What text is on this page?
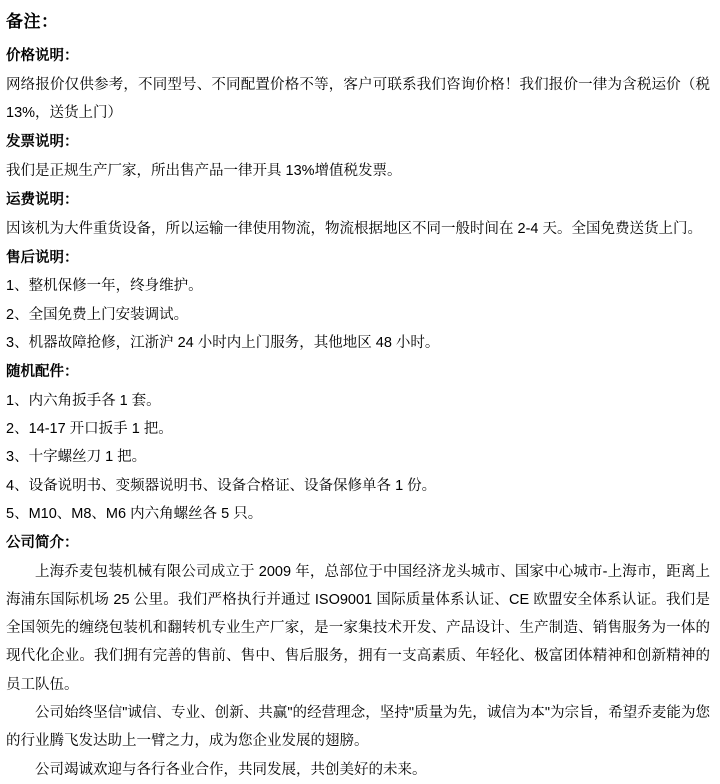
备注：
价格说明：

网络报价仅供参考，不同型号、不同配置价格不等，客户可联系我们咨询价格！我们报价一律为含税运价（税 13%，送货上门）

发票说明：

我们是正规生产厂家，所出售产品一律开具 13%增值税发票。

运费说明：

因该机为大件重货设备，所以运输一律使用物流，物流根据地区不同一般时间在 2-4 天。全国免费送货上门。

售后说明：

1、整机保修一年，终身维护。

2、全国免费上门安装调试。

3、机器故障抢修，江浙沪 24 小时内上门服务，其他地区 48 小时。

随机配件：

1、内六角扳手各 1 套。

2、14-17 开口扳手 1 把。

3、十字螺丝刀 1 把。

4、设备说明书、变频器说明书、设备合格证、设备保修单各 1 份。

5、M10、M8、M6 内六角螺丝各 5 只。

公司简介：

上海乔麦包装机械有限公司成立于 2009 年，总部位于中国经济龙头城市、国家中心城市-上海市，距离上海浦东国际机场 25 公里。我们严格执行并通过 ISO9001 国际质量体系认证、CE 欧盟安全体系认证。我们是全国领先的缠绕包装机和翻转机专业生产厂家，是一家集技术开发、产品设计、生产制造、销售服务为一体的现代化企业。我们拥有完善的售前、售中、售后服务，拥有一支高素质、年轻化、极富团体精神和创新精神的员工队伍。

公司始终坚信"诚信、专业、创新、共赢"的经营理念，坚持"质量为先，诚信为本"为宗旨，希望乔麦能为您的行业腾飞发达助上一臂之力，成为您企业发展的翅膀。

公司竭诚欢迎与各行各业合作，共同发展，共创美好的未来。
